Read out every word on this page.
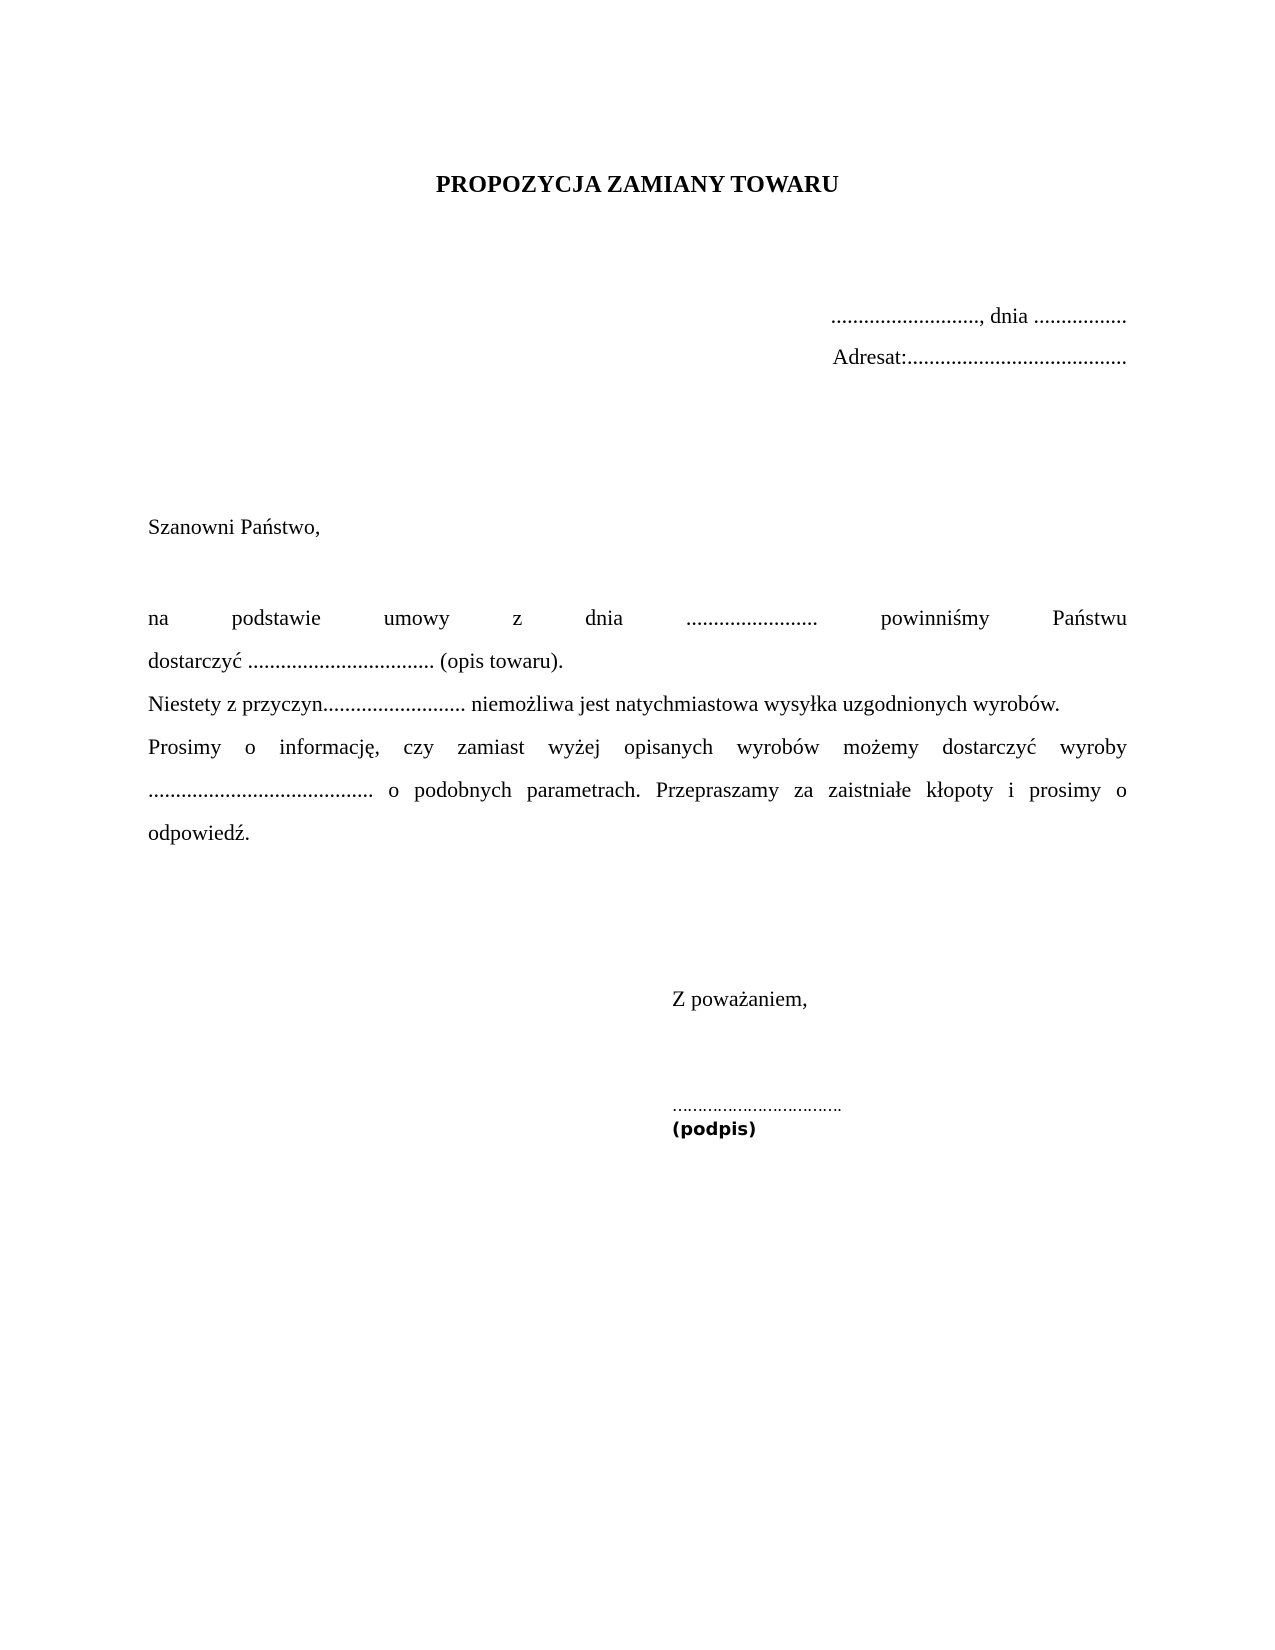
PROPOZYCJA ZAMIANY TOWARU
..........................., dnia .................
Adresat:........................................
Szanowni Państwo,

na podstawie umowy z dnia ........................ powinniśmy Państwu

dostarczyć .................................. (opis towaru).

Niestety z przyczyn.......................... niemożliwa jest natychmiastowa wysyłka uzgodnionych wyrobów.

Prosimy o informację, czy zamiast wyżej opisanych wyrobów możemy dostarczyć wyroby ......................................... o podobnych parametrach. Przepraszamy za zaistniałe kłopoty i prosimy o odpowiedź.

Z poważaniem,
…………………………….
(podpis)
